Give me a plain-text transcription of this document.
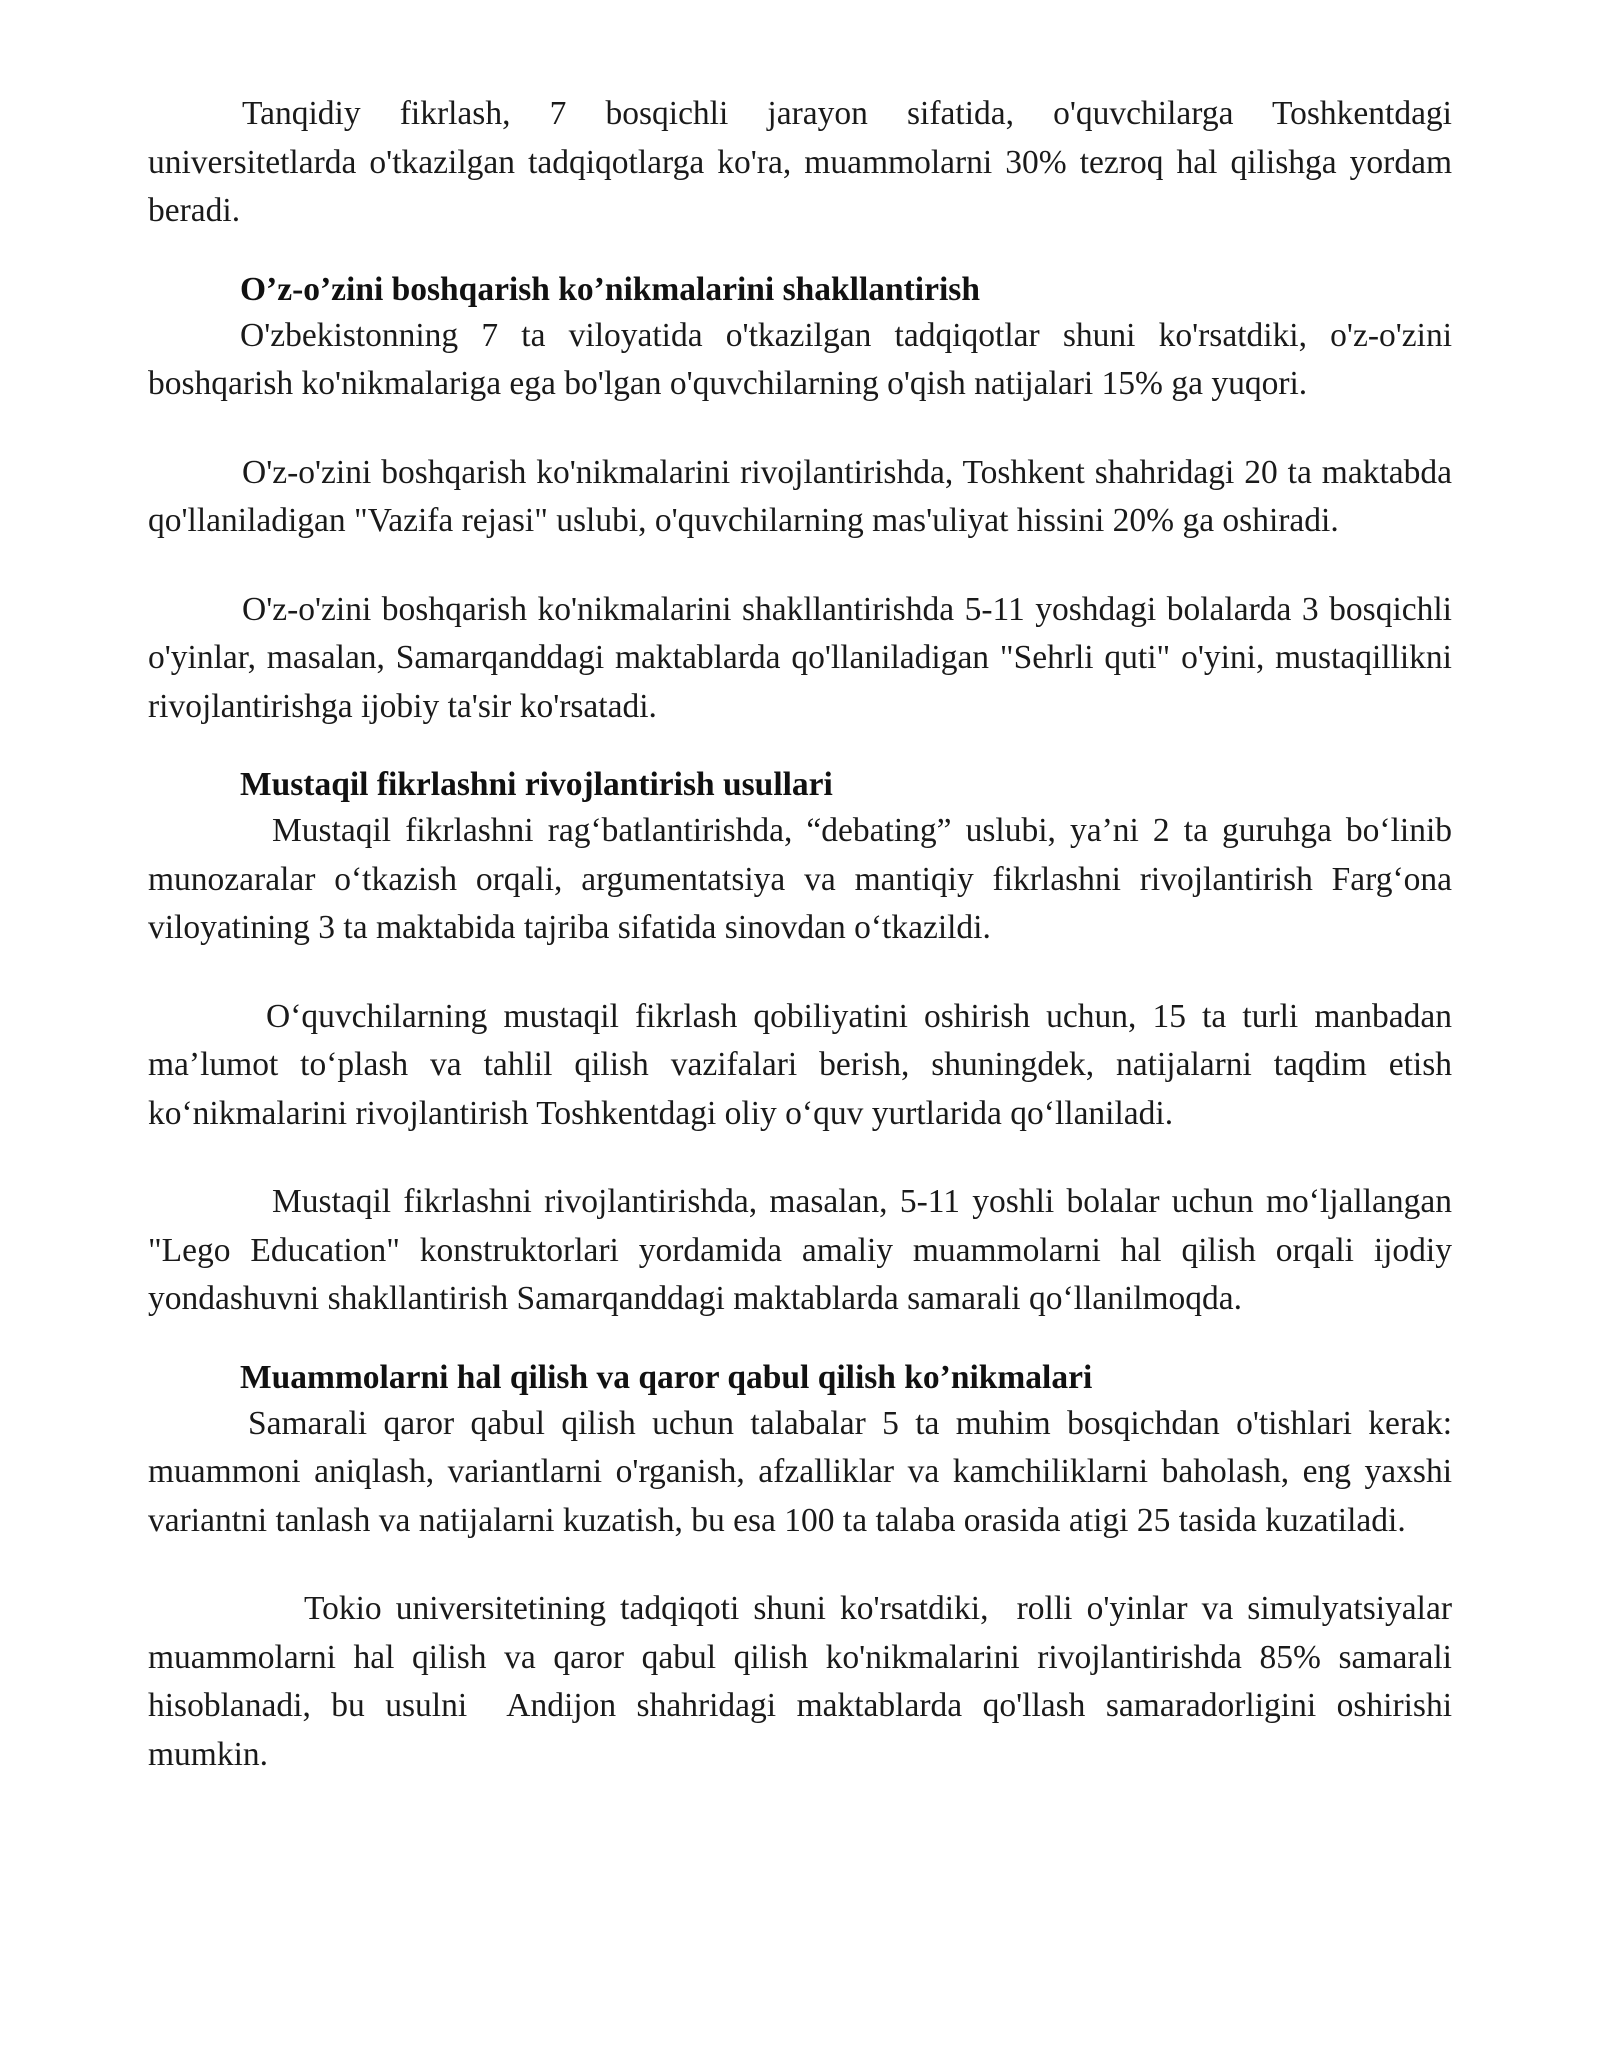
Tanqidiy fikrlash, 7 bosqichli jarayon sifatida, o'quvchilarga Toshkentdagi universitetlarda o'tkazilgan tadqiqotlarga ko'ra, muammolarni 30% tezroq hal qilishga yordam beradi.

O’z-o’zini boshqarish ko’nikmalarini shakllantirish

O'zbekistonning 7 ta viloyatida o'tkazilgan tadqiqotlar shuni ko'rsatdiki, o'z-o'zini boshqarish ko'nikmalariga ega bo'lgan o'quvchilarning o'qish natijalari 15% ga yuqori.

O'z-o'zini boshqarish ko'nikmalarini rivojlantirishda, Toshkent shahridagi 20 ta maktabda qo'llaniladigan "Vazifa rejasi" uslubi, o'quvchilarning mas'uliyat hissini 20% ga oshiradi.

O'z-o'zini boshqarish ko'nikmalarini shakllantirishda 5-11 yoshdagi bolalarda 3 bosqichli o'yinlar, masalan, Samarqanddagi maktablarda qo'llaniladigan "Sehrli quti" o'yini, mustaqillikni rivojlantirishga ijobiy ta'sir ko'rsatadi.

Mustaqil fikrlashni rivojlantirish usullari

Mustaqil fikrlashni rag‘batlantirishda, “debating” uslubi, ya’ni 2 ta guruhga bo‘linib munozaralar o‘tkazish orqali, argumentatsiya va mantiqiy fikrlashni rivojlantirish Farg‘ona viloyatining 3 ta maktabida tajriba sifatida sinovdan o‘tkazildi.

O‘quvchilarning mustaqil fikrlash qobiliyatini oshirish uchun, 15 ta turli manbadan ma’lumot to‘plash va tahlil qilish vazifalari berish, shuningdek, natijalarni taqdim etish ko‘nikmalarini rivojlantirish Toshkentdagi oliy o‘quv yurtlarida qo‘llaniladi.

Mustaqil fikrlashni rivojlantirishda, masalan, 5-11 yoshli bolalar uchun mo‘ljallangan "Lego Education" konstruktorlari yordamida amaliy muammolarni hal qilish orqali ijodiy yondashuvni shakllantirish Samarqanddagi maktablarda samarali qo‘llanilmoqda.

Muammolarni hal qilish va qaror qabul qilish ko’nikmalari

Samarali qaror qabul qilish uchun talabalar 5 ta muhim bosqichdan o'tishlari kerak: muammoni aniqlash, variantlarni o'rganish, afzalliklar va kamchiliklarni baholash, eng yaxshi variantni tanlash va natijalarni kuzatish, bu esa 100 ta talaba orasida atigi 25 tasida kuzatiladi.

Tokio universitetining tadqiqoti shuni ko'rsatdiki,  rolli o'yinlar va simulyatsiyalar  muammolarni hal qilish va qaror qabul qilish ko'nikmalarini rivojlantirishda 85% samarali hisoblanadi, bu usulni  Andijon shahridagi maktablarda qo'llash samaradorligini oshirishi mumkin.
